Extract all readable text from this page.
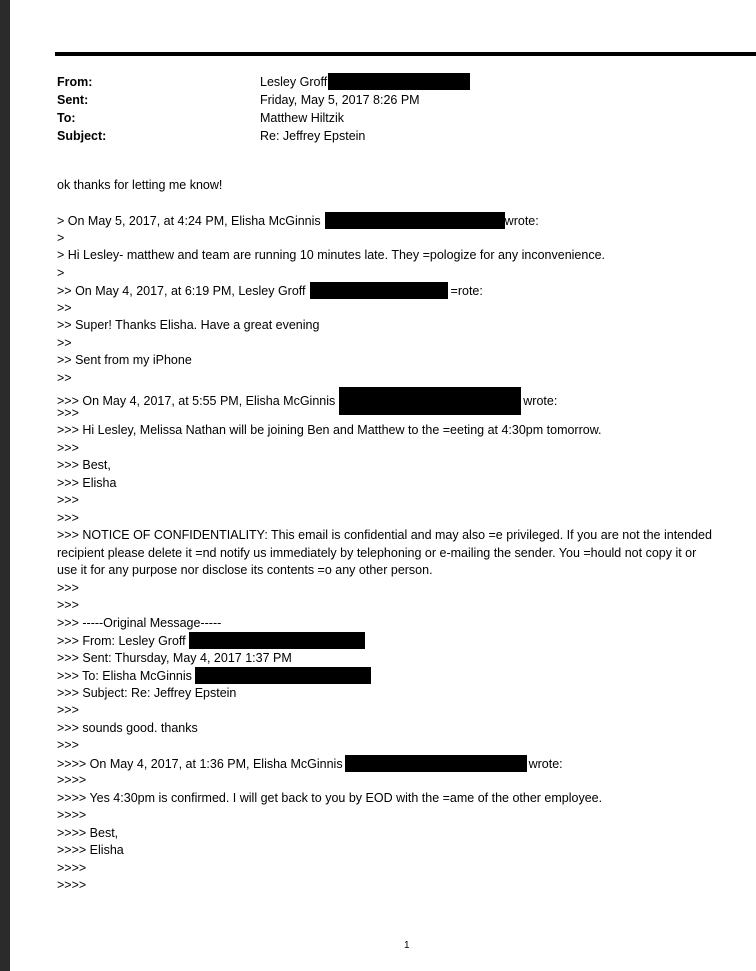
From:	Lesley Groff
Sent:	Friday, May 5, 2017 8:26 PM
To:	Matthew Hiltzik
Subject:	Re: Jeffrey Epstein
ok thanks for letting me know!
> On May 5, 2017, at 4:24 PM, Elisha McGinnis	wrote:
>
> Hi Lesley- matthew and team are running 10 minutes late. They =pologize for any inconvenience.
>
>> On May 4, 2017, at 6:19 PM, Lesley Groff	=rote:
>>
>> Super! Thanks Elisha. Have a great evening
>>
>> Sent from my iPhone
>>
>>> On May 4, 2017, at 5:55 PM, Elisha McGinnis	wrote:
>>>
>>> Hi Lesley, Melissa Nathan will be joining Ben and Matthew to the =eeting at 4:30pm tomorrow.
>>>
>>> Best,
>>> Elisha
>>>
>>>
>>> NOTICE OF CONFIDENTIALITY: This email is confidential and may also =e privileged. If you are not the intended
recipient please delete it =nd notify us immediately by telephoning or e-mailing the sender. You =hould not copy it or
use it for any purpose nor disclose its contents =o any other person.
>>>
>>>
>>> -----Original Message-----
>>> From: Lesley Groff
>>> Sent: Thursday, May 4, 2017 1:37 PM
>>> To: Elisha McGinnis
>>> Subject: Re: Jeffrey Epstein
>>>
>>> sounds good. thanks
>>>
>>>> On May 4, 2017, at 1:36 PM, Elisha McGinnis	wrote:
>>>>
>>>> Yes 4:30pm is confirmed. I will get back to you by EOD with the =ame of the other employee.
>>>>
>>>> Best,
>>>> Elisha
>>>>
>>>>
1
